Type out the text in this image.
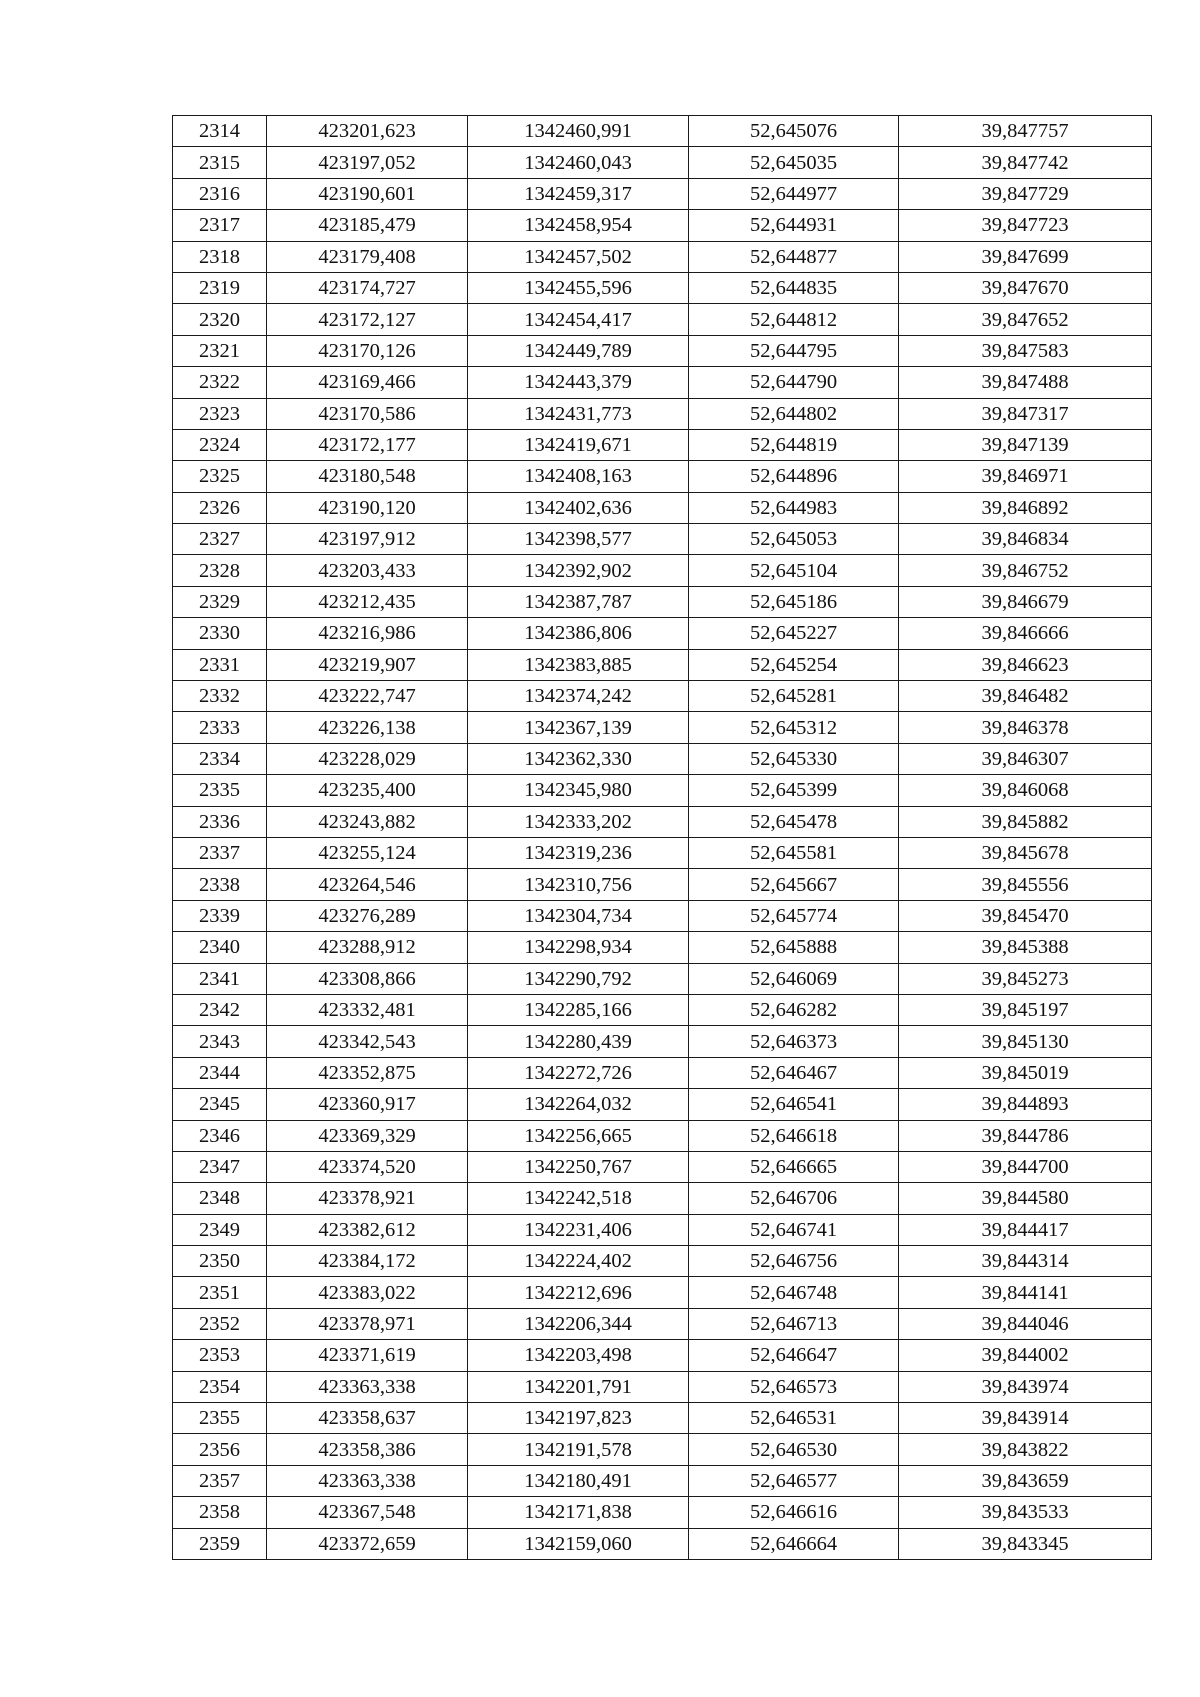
2314	423201,623	1342460,991	52,645076	39,847757
2315	423197,052	1342460,043	52,645035	39,847742
2316	423190,601	1342459,317	52,644977	39,847729
2317	423185,479	1342458,954	52,644931	39,847723
2318	423179,408	1342457,502	52,644877	39,847699
2319	423174,727	1342455,596	52,644835	39,847670
2320	423172,127	1342454,417	52,644812	39,847652
2321	423170,126	1342449,789	52,644795	39,847583
2322	423169,466	1342443,379	52,644790	39,847488
2323	423170,586	1342431,773	52,644802	39,847317
2324	423172,177	1342419,671	52,644819	39,847139
2325	423180,548	1342408,163	52,644896	39,846971
2326	423190,120	1342402,636	52,644983	39,846892
2327	423197,912	1342398,577	52,645053	39,846834
2328	423203,433	1342392,902	52,645104	39,846752
2329	423212,435	1342387,787	52,645186	39,846679
2330	423216,986	1342386,806	52,645227	39,846666
2331	423219,907	1342383,885	52,645254	39,846623
2332	423222,747	1342374,242	52,645281	39,846482
2333	423226,138	1342367,139	52,645312	39,846378
2334	423228,029	1342362,330	52,645330	39,846307
2335	423235,400	1342345,980	52,645399	39,846068
2336	423243,882	1342333,202	52,645478	39,845882
2337	423255,124	1342319,236	52,645581	39,845678
2338	423264,546	1342310,756	52,645667	39,845556
2339	423276,289	1342304,734	52,645774	39,845470
2340	423288,912	1342298,934	52,645888	39,845388
2341	423308,866	1342290,792	52,646069	39,845273
2342	423332,481	1342285,166	52,646282	39,845197
2343	423342,543	1342280,439	52,646373	39,845130
2344	423352,875	1342272,726	52,646467	39,845019
2345	423360,917	1342264,032	52,646541	39,844893
2346	423369,329	1342256,665	52,646618	39,844786
2347	423374,520	1342250,767	52,646665	39,844700
2348	423378,921	1342242,518	52,646706	39,844580
2349	423382,612	1342231,406	52,646741	39,844417
2350	423384,172	1342224,402	52,646756	39,844314
2351	423383,022	1342212,696	52,646748	39,844141
2352	423378,971	1342206,344	52,646713	39,844046
2353	423371,619	1342203,498	52,646647	39,844002
2354	423363,338	1342201,791	52,646573	39,843974
2355	423358,637	1342197,823	52,646531	39,843914
2356	423358,386	1342191,578	52,646530	39,843822
2357	423363,338	1342180,491	52,646577	39,843659
2358	423367,548	1342171,838	52,646616	39,843533
2359	423372,659	1342159,060	52,646664	39,843345
